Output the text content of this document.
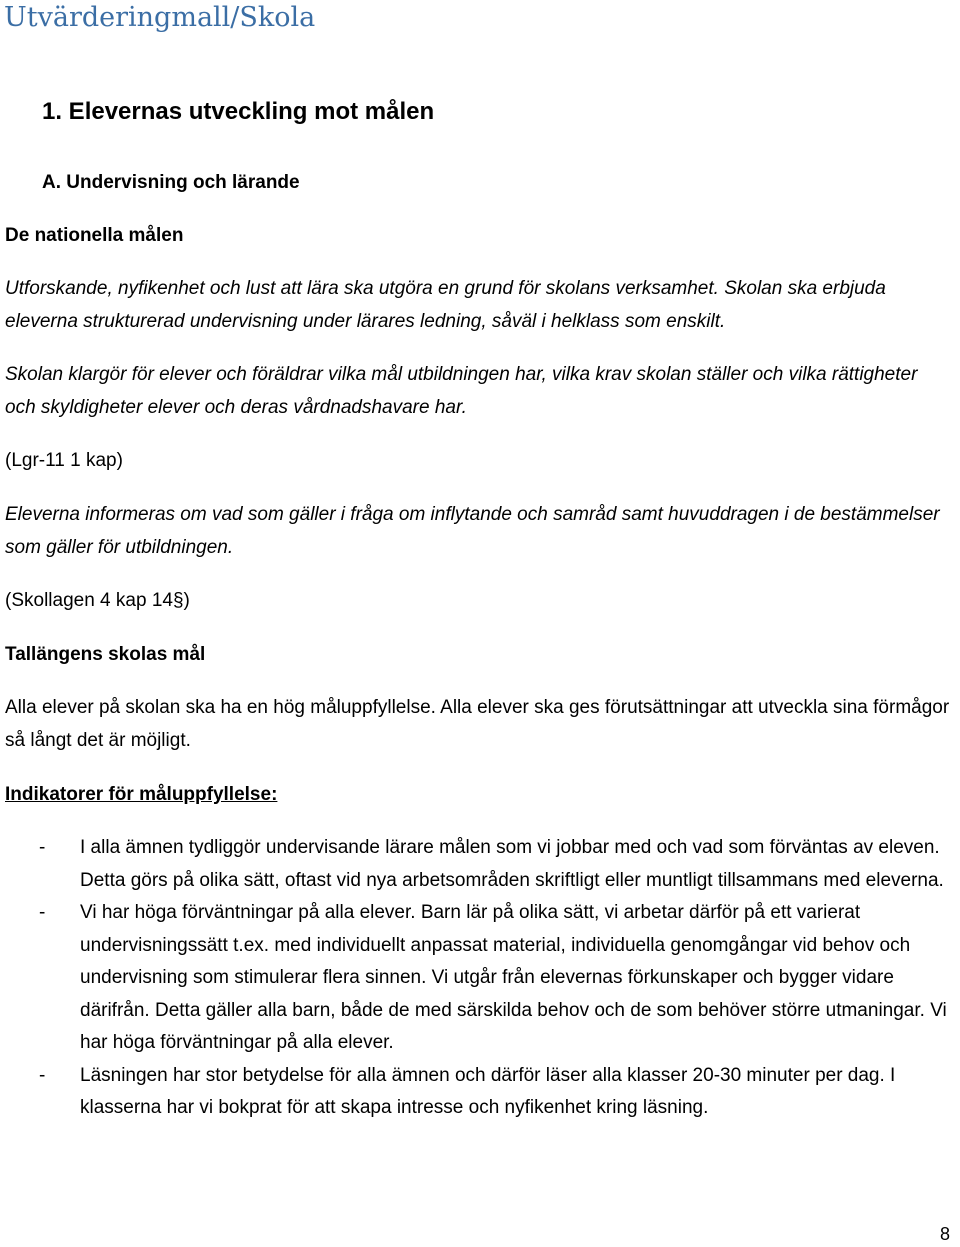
Utvärderingmall/Skola
1. Elevernas utveckling mot målen
A. Undervisning och lärande
De nationella målen

Utforskande, nyfikenhet och lust att lära ska utgöra en grund för skolans verksamhet. Skolan ska erbjuda eleverna strukturerad undervisning under lärares ledning, såväl i helklass som enskilt.

Skolan klargör för elever och föräldrar vilka mål utbildningen har, vilka krav skolan ställer och vilka rättigheter och skyldigheter elever och deras vårdnadshavare har.

(Lgr-11 1 kap)

Eleverna informeras om vad som gäller i fråga om inflytande och samråd samt huvuddragen i de bestämmelser som gäller för utbildningen.

(Skollagen 4 kap 14§)

Tallängens skolas mål

Alla elever på skolan ska ha en hög måluppfyllelse. Alla elever ska ges förutsättningar att utveckla sina förmågor så långt det är möjligt.

Indikatorer för måluppfyllelse:
- I alla ämnen tydliggör undervisande lärare målen som vi jobbar med och vad som förväntas av eleven. Detta görs på olika sätt, oftast vid nya arbetsområden skriftligt eller muntligt tillsammans med eleverna.
- Vi har höga förväntningar på alla elever. Barn lär på olika sätt, vi arbetar därför på ett varierat undervisningssätt t.ex. med individuellt anpassat material, individuella genomgångar vid behov och undervisning som stimulerar flera sinnen. Vi utgår från elevernas förkunskaper och bygger vidare därifrån. Detta gäller alla barn, både de med särskilda behov och de som behöver större utmaningar. Vi har höga förväntningar på alla elever.
- Läsningen har stor betydelse för alla ämnen och därför läser alla klasser 20-30 minuter per dag. I klasserna har vi bokprat för att skapa intresse och nyfikenhet kring läsning.
8
